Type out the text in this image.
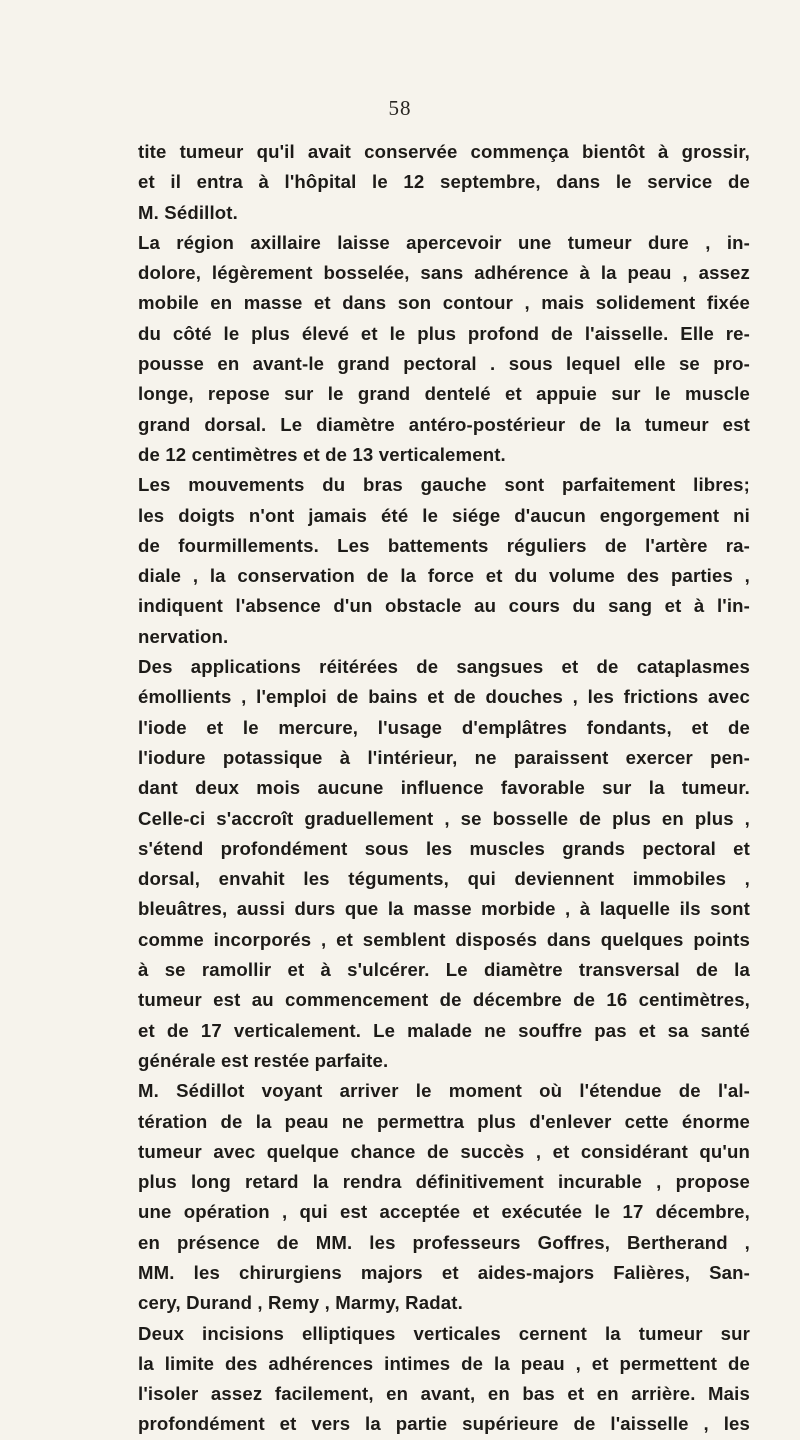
58
tite tumeur qu'il avait conservée commença bientôt à grossir,
et il entra à l'hôpital le 12 septembre, dans le service de
M. Sédillot.
La région axillaire laisse apercevoir une tumeur dure , in-
dolore, légèrement bosselée, sans adhérence à la peau , assez
mobile en masse et dans son contour , mais solidement fixée
du côté le plus élevé et le plus profond de l'aisselle. Elle re-
pousse en avant-le grand pectoral . sous lequel elle se pro-
longe, repose sur le grand dentelé et appuie sur le muscle
grand dorsal. Le diamètre antéro-postérieur de la tumeur est
de 12 centimètres et de 13 verticalement.
Les mouvements du bras gauche sont parfaitement libres;
les doigts n'ont jamais été le siége d'aucun engorgement ni
de fourmillements. Les battements réguliers de l'artère ra-
diale , la conservation de la force et du volume des parties ,
indiquent l'absence d'un obstacle au cours du sang et à l'in-
nervation.
Des applications réitérées de sangsues et de cataplasmes
émollients , l'emploi de bains et de douches , les frictions avec
l'iode et le mercure, l'usage d'emplâtres fondants, et de
l'iodure potassique à l'intérieur, ne paraissent exercer pen-
dant deux mois aucune influence favorable sur la tumeur.
Celle-ci s'accroît graduellement , se bosselle de plus en plus ,
s'étend profondément sous les muscles grands pectoral et
dorsal, envahit les téguments, qui deviennent immobiles ,
bleuâtres, aussi durs que la masse morbide , à laquelle ils sont
comme incorporés , et semblent disposés dans quelques points
à se ramollir et à s'ulcérer. Le diamètre transversal de la
tumeur est au commencement de décembre de 16 centimètres,
et de 17 verticalement. Le malade ne souffre pas et sa santé
générale est restée parfaite.
M. Sédillot voyant arriver le moment où l'étendue de l'al-
tération de la peau ne permettra plus d'enlever cette énorme
tumeur avec quelque chance de succès , et considérant qu'un
plus long retard la rendra définitivement incurable , propose
une opération , qui est acceptée et exécutée le 17 décembre,
en présence de MM. les professeurs Goffres, Bertherand ,
MM. les chirurgiens majors et aides-majors Falières, San-
cery, Durand , Remy , Marmy, Radat.
Deux incisions elliptiques verticales cernent la tumeur sur
la limite des adhérences intimes de la peau , et permettent de
l'isoler assez facilement, en avant, en bas et en arrière. Mais
profondément et vers la partie supérieure de l'aisselle , les
